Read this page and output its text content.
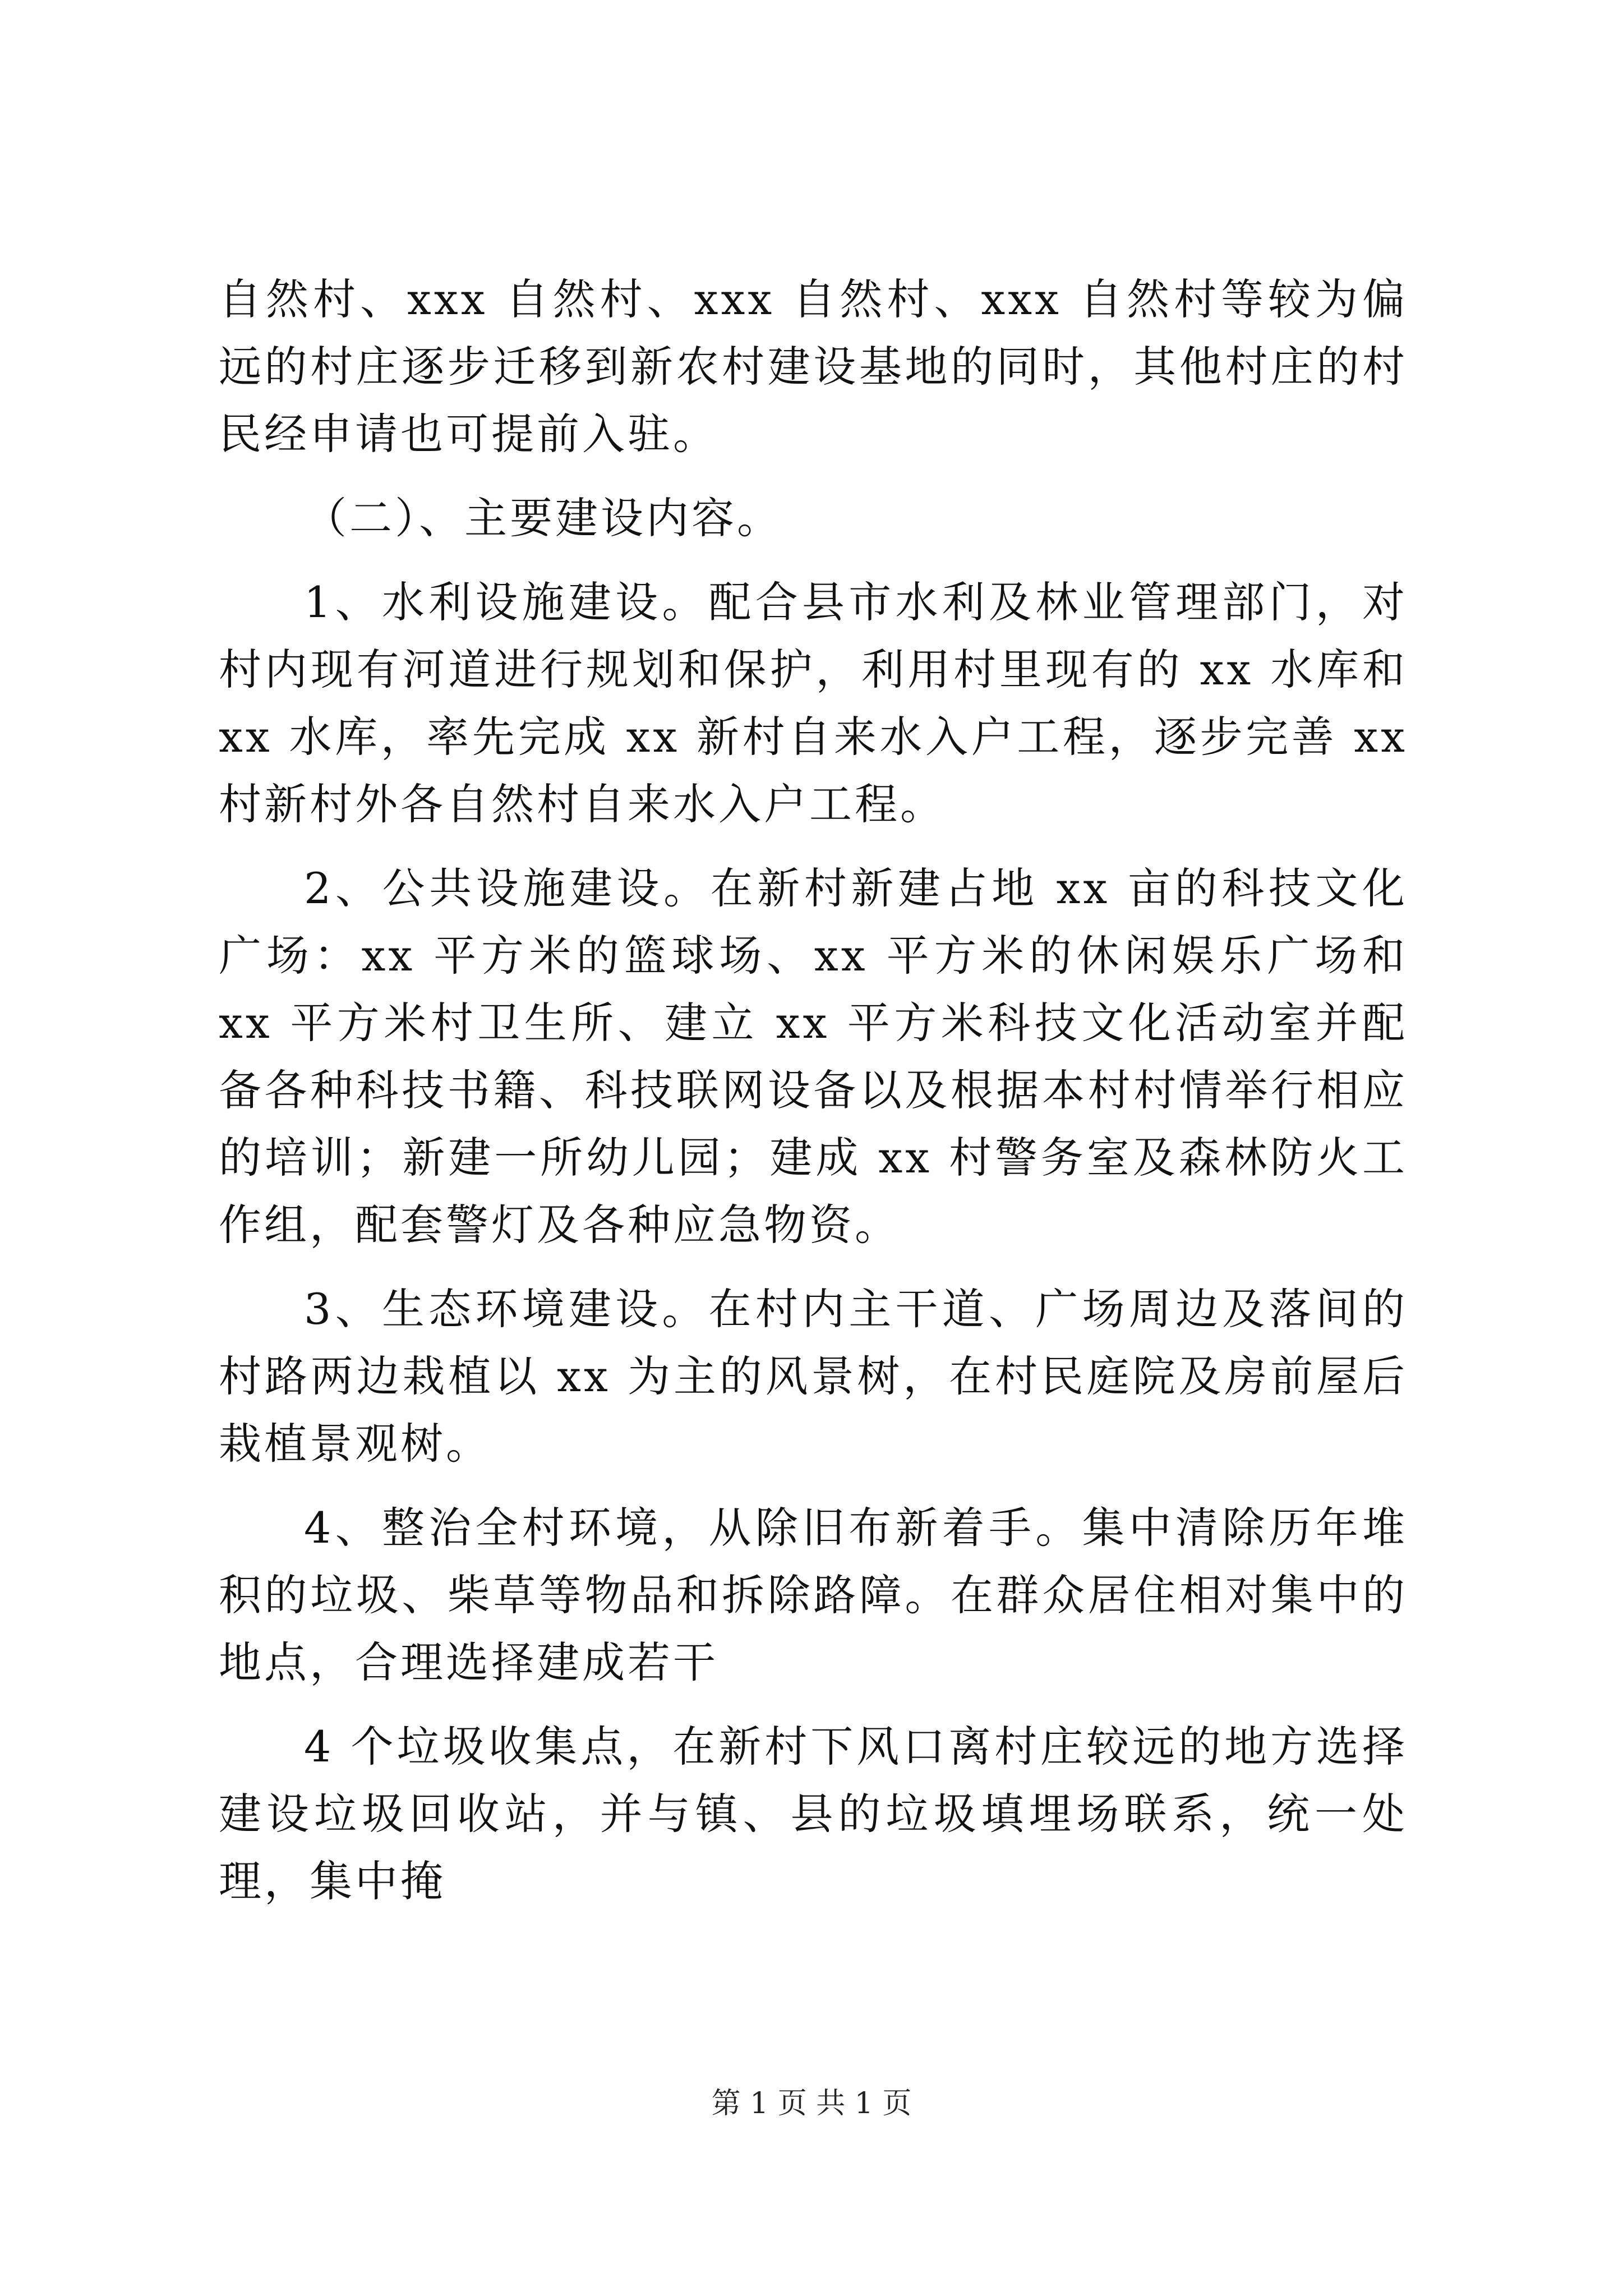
自然村、xxx 自然村、xxx 自然村、xxx 自然村等较为偏远的村庄逐步迁移到新农村建设基地的同时，其他村庄的村民经申请也可提前入驻。

（二）、主要建设内容。

1、水利设施建设。配合县市水利及林业管理部门，对村内现有河道进行规划和保护，利用村里现有的 xx 水库和 xx 水库，率先完成 xx 新村自来水入户工程，逐步完善 xx 村新村外各自然村自来水入户工程。

2、公共设施建设。在新村新建占地 xx 亩的科技文化广场：xx 平方米的篮球场、xx 平方米的休闲娱乐广场和 xx 平方米村卫生所、建立 xx 平方米科技文化活动室并配备各种科技书籍、科技联网设备以及根据本村村情举行相应的培训；新建一所幼儿园；建成 xx 村警务室及森林防火工作组，配套警灯及各种应急物资。

3、生态环境建设。在村内主干道、广场周边及落间的村路两边栽植以 xx 为主的风景树，在村民庭院及房前屋后栽植景观树。

4、整治全村环境，从除旧布新着手。集中清除历年堆积的垃圾、柴草等物品和拆除路障。在群众居住相对集中的地点，合理选择建成若干

4 个垃圾收集点，在新村下风口离村庄较远的地方选择建设垃圾回收站，并与镇、县的垃圾填埋场联系，统一处理，集中掩

第 1 页 共 1 页
